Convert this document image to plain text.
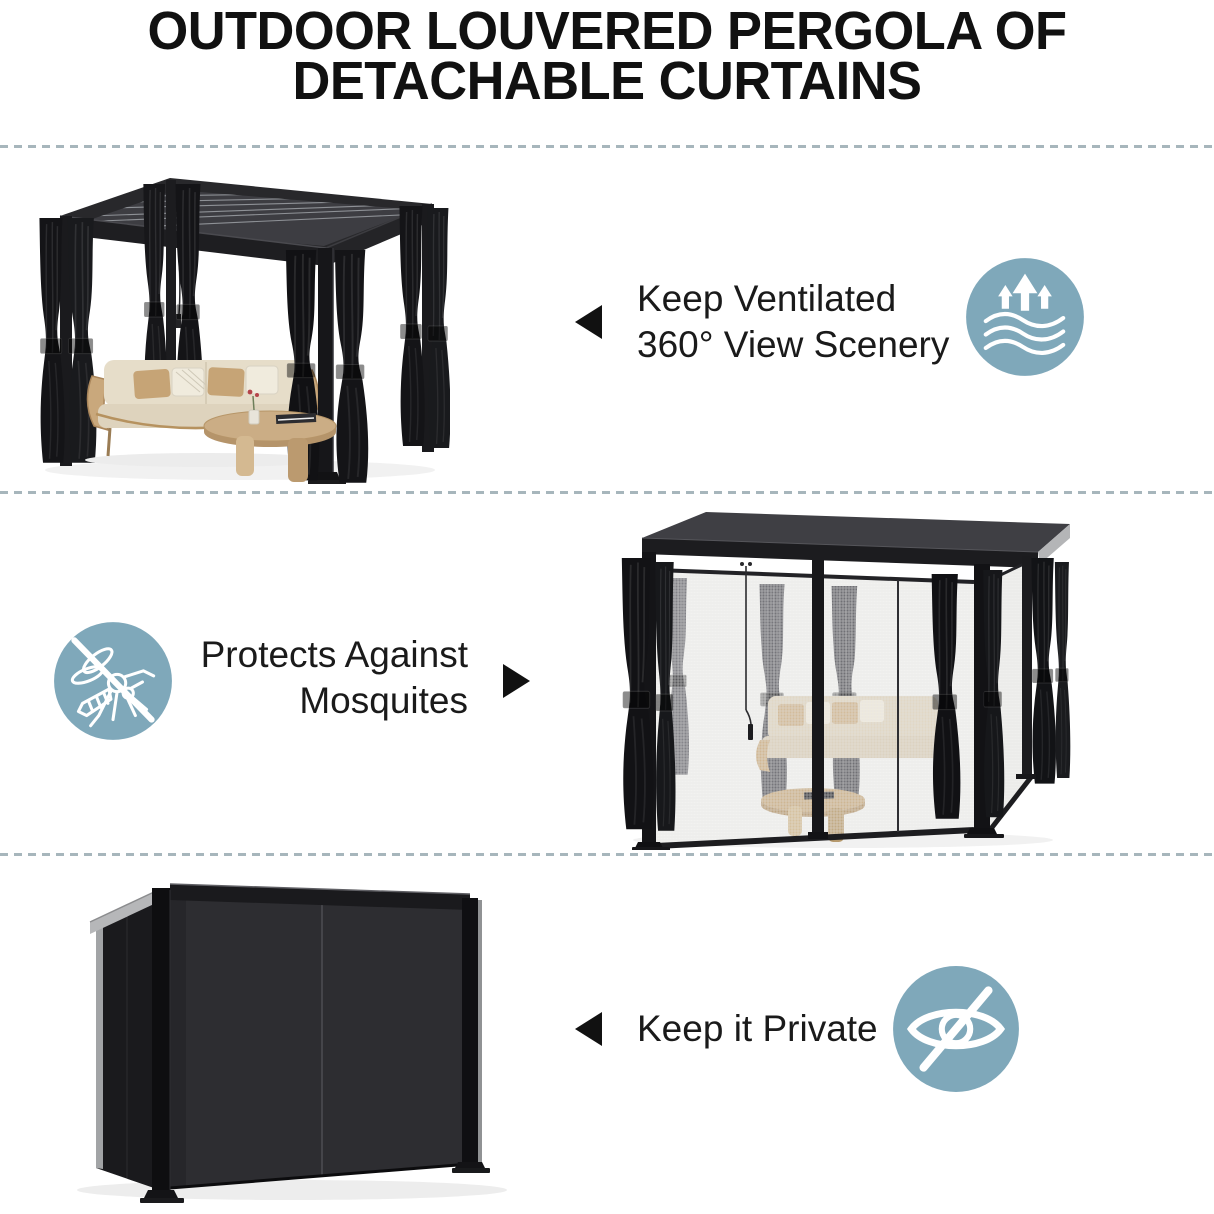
OUTDOOR LOUVERED PERGOLA OF
DETACHABLE CURTAINS
Keep Ventilated
360° View Scenery
Protects Against
Mosquites
Keep it Private
